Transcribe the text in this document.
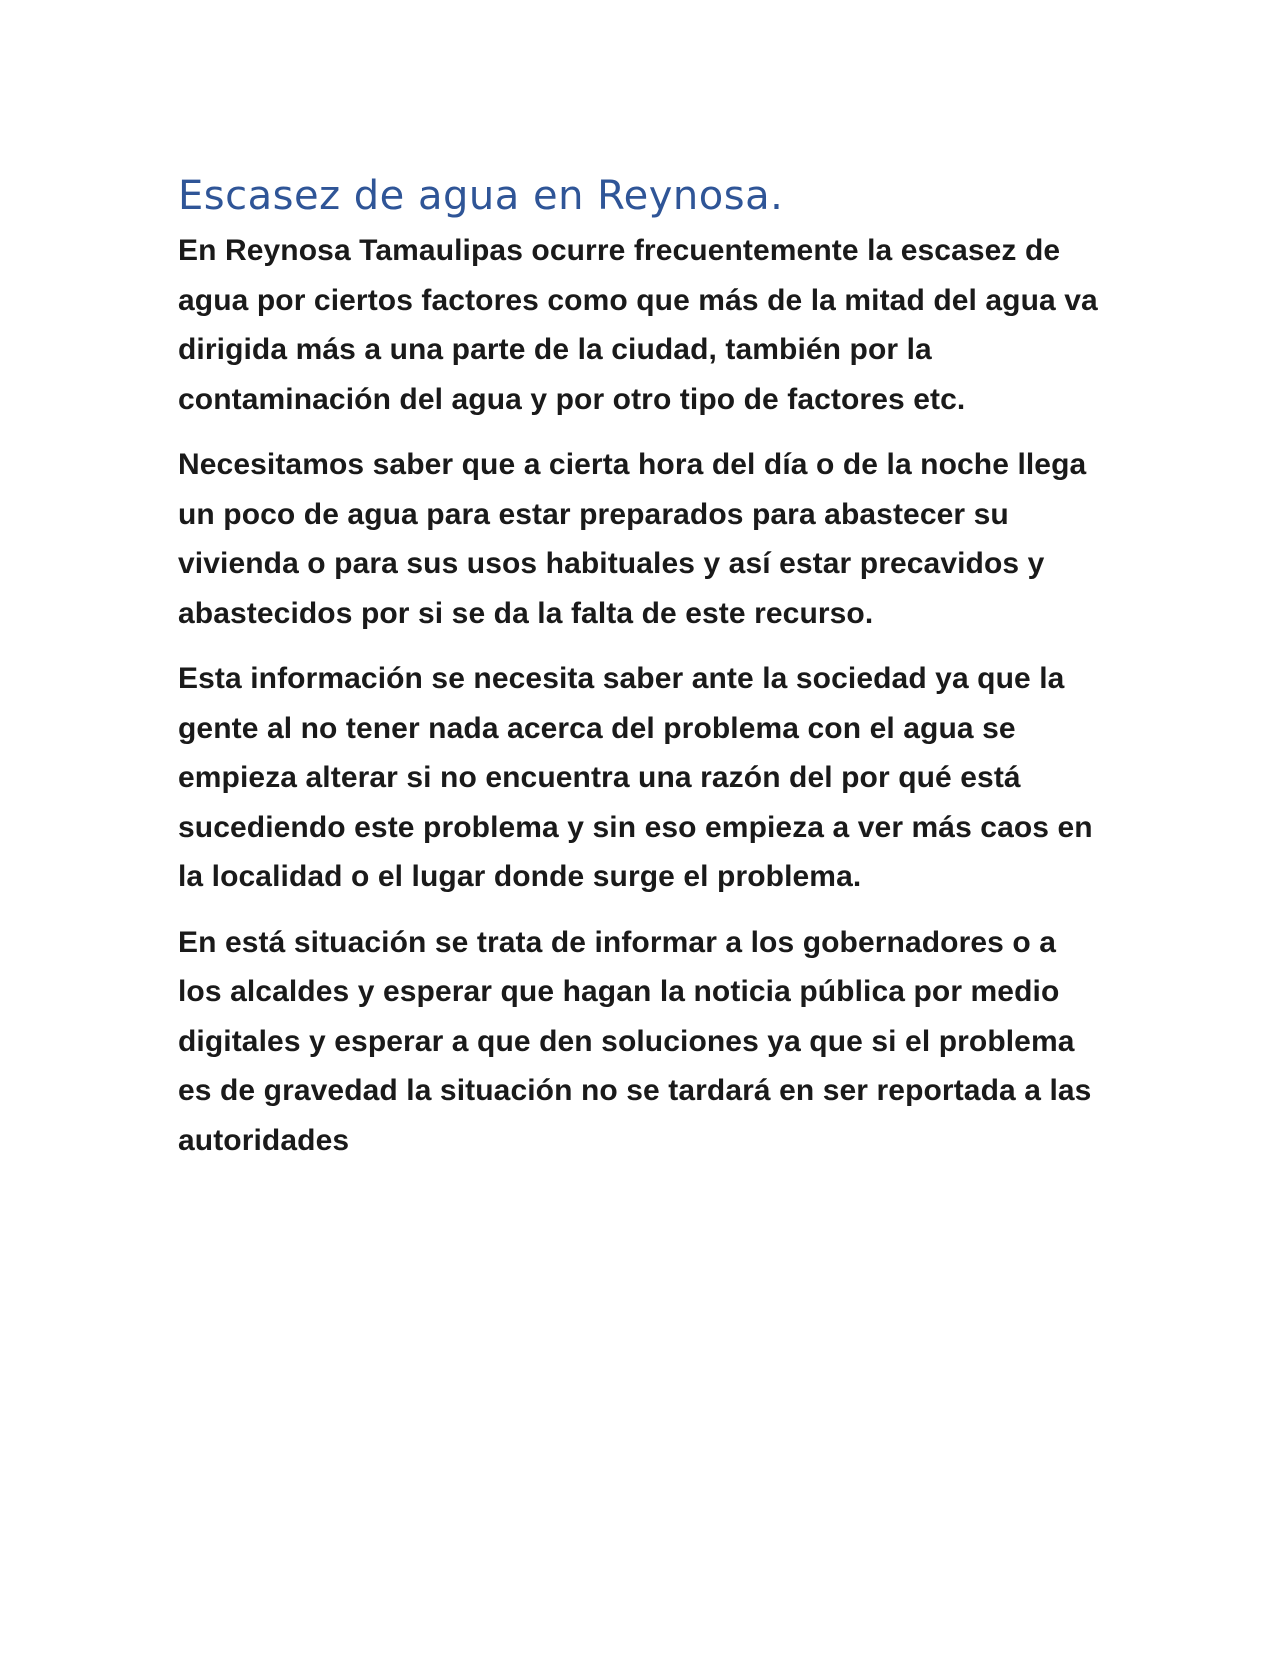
Escasez de agua en Reynosa.

En Reynosa Tamaulipas ocurre frecuentemente la escasez de agua por ciertos factores como que más de la mitad del agua va dirigida más a una parte de la ciudad, también por la contaminación del agua y por otro tipo de factores etc.

Necesitamos saber que a cierta hora del día o de la noche llega un poco de agua para estar preparados para abastecer su vivienda o para sus usos habituales y así estar precavidos y abastecidos por si se da la falta de este recurso.

Esta información se necesita saber ante la sociedad ya que la gente al no tener nada acerca del problema con el agua se empieza alterar si no encuentra una razón del por qué está sucediendo este problema y sin eso empieza a ver más caos en la localidad o el lugar donde surge el problema.

En está situación se trata de informar a los gobernadores o a los alcaldes y esperar que hagan la noticia pública por medio digitales y esperar a que den soluciones ya que si el problema es de gravedad la situación no se tardará en ser reportada a las autoridades
